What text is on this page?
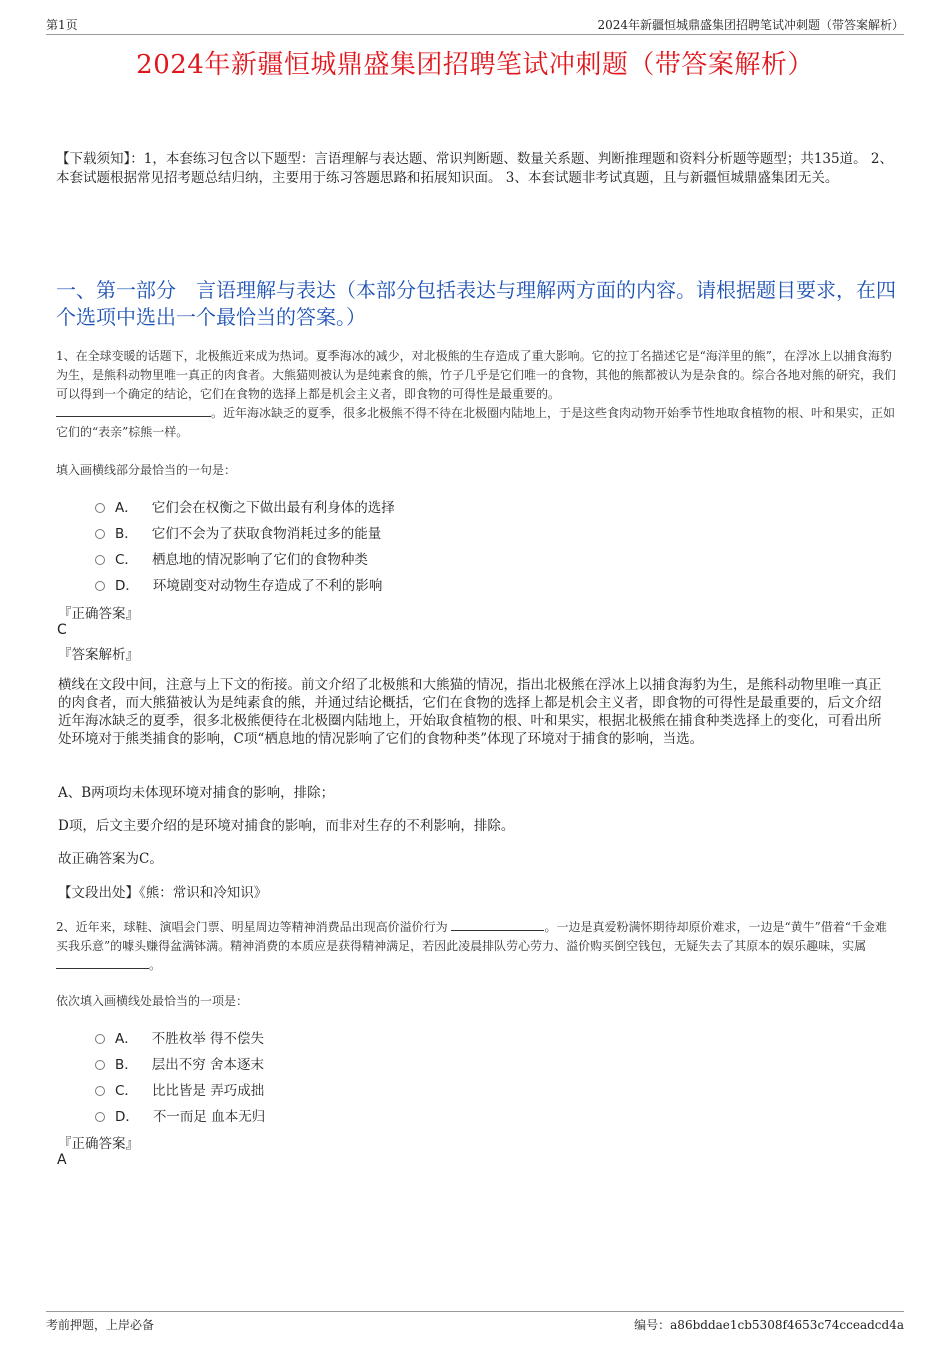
第1页	2024年新疆恒城鼎盛集团招聘笔试冲刺题（带答案解析）
2024年新疆恒城鼎盛集团招聘笔试冲刺题（带答案解析）
【下载须知】：1，本套练习包含以下题型：言语理解与表达题、常识判断题、数量关系题、判断推理题和资料分析题等题型；共135道。 2、本套试题根据常见招考题总结归纳，主要用于练习答题思路和拓展知识面。 3、本套试题非考试真题，且与新疆恒城鼎盛集团无关。
一、第一部分　言语理解与表达（本部分包括表达与理解两方面的内容。请根据题目要求，在四个选项中选出一个最恰当的答案。）
1、在全球变暖的话题下，北极熊近来成为热词。夏季海冰的减少，对北极熊的生存造成了重大影响。它的拉丁名描述它是“海洋里的熊”，在浮冰上以捕食海豹为生，是熊科动物里唯一真正的肉食者。大熊猫则被认为是纯素食的熊，竹子几乎是它们唯一的食物，其他的熊都被认为是杂食的。综合各地对熊的研究，我们可以得到一个确定的结论，它们在食物的选择上都是机会主义者，即食物的可得性是最重要的。
。近年海冰缺乏的夏季，很多北极熊不得不待在北极圈内陆地上，于是这些食肉动物开始季节性地取食植物的根、叶和果实，正如它们的“表亲”棕熊一样。
填入画横线部分最恰当的一句是：
A． 它们会在权衡之下做出最有利身体的选择
B． 它们不会为了获取食物消耗过多的能量
C． 栖息地的情况影响了它们的食物种类
D． 环境剧变对动物生存造成了不利的影响
『正确答案』
C
『答案解析』
横线在文段中间，注意与上下文的衔接。前文介绍了北极熊和大熊猫的情况，指出北极熊在浮冰上以捕食海豹为生，是熊科动物里唯一真正的肉食者，而大熊猫被认为是纯素食的熊，并通过结论概括，它们在食物的选择上都是机会主义者，即食物的可得性是最重要的，后文介绍近年海冰缺乏的夏季，很多北极熊便待在北极圈内陆地上，开始取食植物的根、叶和果实，根据北极熊在捕食种类选择上的变化，可看出所处环境对于熊类捕食的影响，C项“栖息地的情况影响了它们的食物种类”体现了环境对于捕食的影响，当选。
A、B两项均未体现环境对捕食的影响，排除；
D项，后文主要介绍的是环境对捕食的影响，而非对生存的不利影响，排除。
故正确答案为C。
【文段出处】《熊：常识和冷知识》
2、近年来，球鞋、演唱会门票、明星周边等精神消费品出现高价溢价行为	。一边是真爱粉满怀期待却原价难求，一边是“黄牛”借着“千金难买我乐意”的噱头赚得盆满钵满。精神消费的本质应是获得精神满足，若因此凌晨排队劳心劳力、溢价购买倒空钱包，无疑失去了其原本的娱乐趣味，实属 。
依次填入画横线处最恰当的一项是：
A． 不胜枚举 得不偿失
B． 层出不穷 舍本逐末
C． 比比皆是 弄巧成拙
D． 不一而足 血本无归
『正确答案』
A
考前押题，上岸必备	编号：a86bddae1cb5308f4653c74cceadcd4a
